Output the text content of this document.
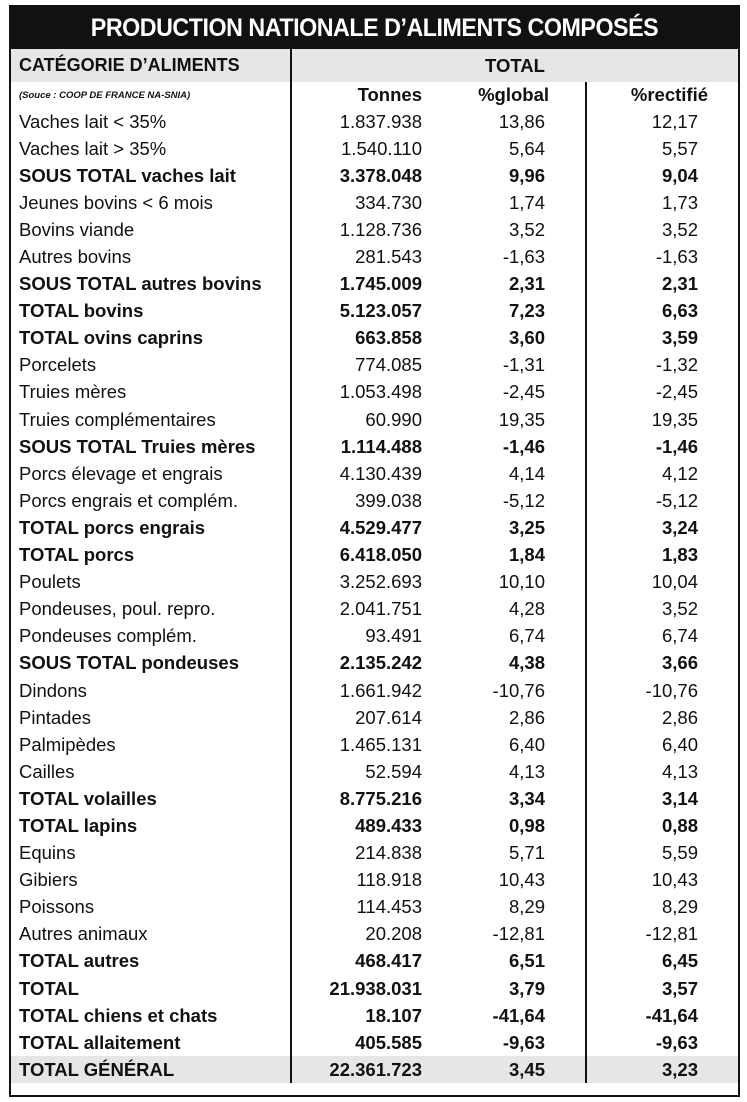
PRODUCTION NATIONALE D’ALIMENTS COMPOSÉS
CATÉGORIE D’ALIMENTS	TOTAL		
(Souce : COOP DE FRANCE NA-SNIA)	Tonnes	%global	%rectifié
Vaches lait < 35%	1.837.938	13,86	12,17
Vaches lait > 35%	1.540.110	5,64	5,57
SOUS TOTAL vaches lait	3.378.048	9,96	9,04
Jeunes bovins < 6 mois	334.730	1,74	1,73
Bovins viande	1.128.736	3,52	3,52
Autres bovins	281.543	-1,63	-1,63
SOUS TOTAL autres bovins	1.745.009	2,31	2,31
TOTAL bovins	5.123.057	7,23	6,63
TOTAL ovins caprins	663.858	3,60	3,59
Porcelets	774.085	-1,31	-1,32
Truies mères	1.053.498	-2,45	-2,45
Truies complémentaires	60.990	19,35	19,35
SOUS TOTAL Truies mères	1.114.488	-1,46	-1,46
Porcs élevage et engrais	4.130.439	4,14	4,12
Porcs engrais et complém.	399.038	-5,12	-5,12
TOTAL porcs engrais	4.529.477	3,25	3,24
TOTAL porcs	6.418.050	1,84	1,83
Poulets	3.252.693	10,10	10,04
Pondeuses, poul. repro.	2.041.751	4,28	3,52
Pondeuses complém.	93.491	6,74	6,74
SOUS TOTAL pondeuses	2.135.242	4,38	3,66
Dindons	1.661.942	-10,76	-10,76
Pintades	207.614	2,86	2,86
Palmipèdes	1.465.131	6,40	6,40
Cailles	52.594	4,13	4,13
TOTAL volailles	8.775.216	3,34	3,14
TOTAL lapins	489.433	0,98	0,88
Equins	214.838	5,71	5,59
Gibiers	118.918	10,43	10,43
Poissons	114.453	8,29	8,29
Autres animaux	20.208	-12,81	-12,81
TOTAL autres	468.417	6,51	6,45
TOTAL	21.938.031	3,79	3,57
TOTAL chiens et chats	18.107	-41,64	-41,64
TOTAL allaitement	405.585	-9,63	-9,63
TOTAL GÉNÉRAL	22.361.723	3,45	3,23
